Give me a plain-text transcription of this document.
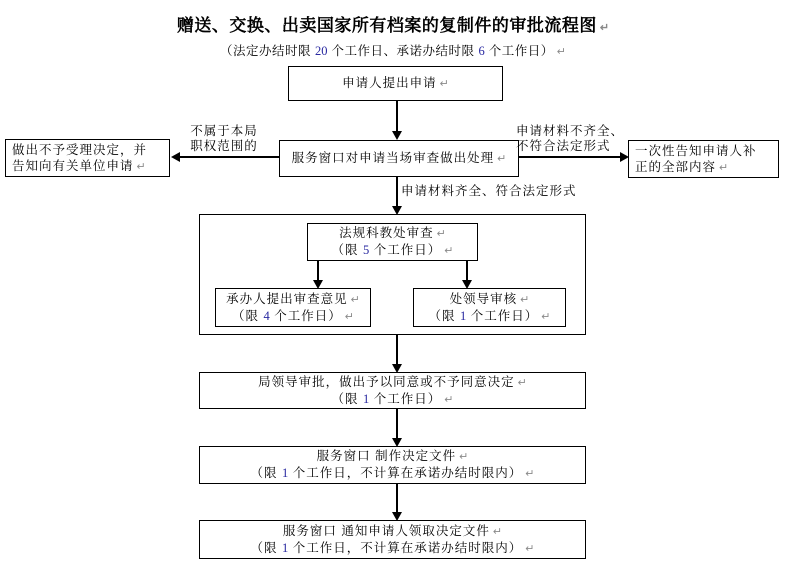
赠送、交换、出卖国家所有档案的复制件的审批流程图 ↵
（法定办结时限 20 个工作日、承诺办结时限 6 个工作日） ↵
申请人提出申请 ↵
做出不予受理决定，并
告知向有关单位申请 ↵
不属于本局
职权范围的
服务窗口对申请当场审查做出处理 ↵
申请材料不齐全、
不符合法定形式	一次性告知申请人补
正的全部内容 ↵
申请材料齐全、符合法定形式
法规科教处审查 ↵
（限 5 个工作日） ↵
承办人提出审查意见 ↵
（限 4 个工作日） ↵
处领导审核 ↵
（限 1 个工作日） ↵
局领导审批，做出予以同意或不予同意决定 ↵
（限 1 个工作日） ↵
服务窗口 制作决定文件 ↵
（限 1 个工作日，不计算在承诺办结时限内） ↵
服务窗口 通知申请人领取决定文件 ↵
（限 1 个工作日，不计算在承诺办结时限内） ↵
